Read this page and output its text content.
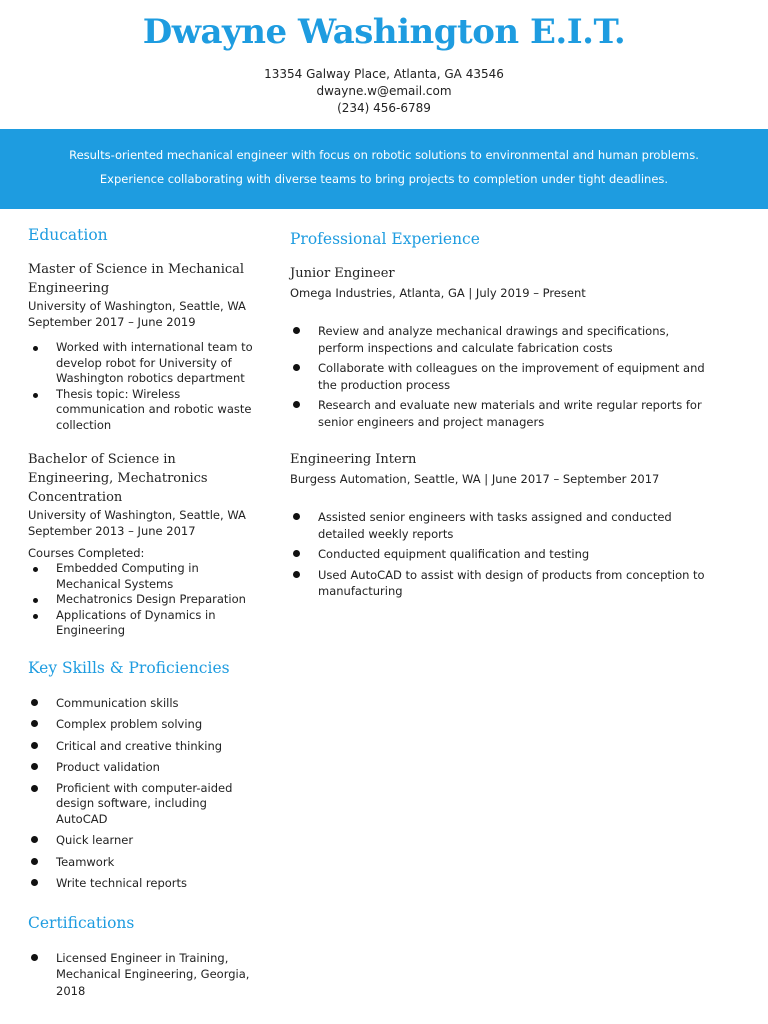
Dwayne Washington E.I.T.
13354 Galway Place, Atlanta, GA 43546
dwayne.w@email.com
(234) 456-6789

Results-oriented mechanical engineer with focus on robotic solutions to environmental and human problems.

Experience collaborating with diverse teams to bring projects to completion under tight deadlines.

Education

Master of Science in Mechanical Engineering

University of Washington, Seattle, WA

September 2017 – June 2019

Worked with international team to develop robot for University of Washington robotics department
Thesis topic: Wireless communication and robotic waste collection

Bachelor of Science in Engineering, Mechatronics Concentration

University of Washington, Seattle, WA

September 2013 – June 2017

Courses Completed:

Embedded Computing in Mechanical Systems
Mechatronics Design Preparation
Applications of Dynamics in Engineering
Key Skills & Proficiencies
Communication skills
Complex problem solving
Critical and creative thinking
Product validation
Proficient with computer-aided design software, including AutoCAD
Quick learner
Teamwork
Write technical reports
Certifications
Licensed Engineer in Training, Mechanical Engineering, Georgia, 2018
Professional Experience

Junior Engineer

Omega Industries, Atlanta, GA | July 2019 – Present

Review and analyze mechanical drawings and specifications, perform inspections and calculate fabrication costs
Collaborate with colleagues on the improvement of equipment and the production process
Research and evaluate new materials and write regular reports for senior engineers and project managers

Engineering Intern

Burgess Automation, Seattle, WA | June 2017 – September 2017

Assisted senior engineers with tasks assigned and conducted detailed weekly reports
Conducted equipment qualification and testing
Used AutoCAD to assist with design of products from conception to manufacturing
